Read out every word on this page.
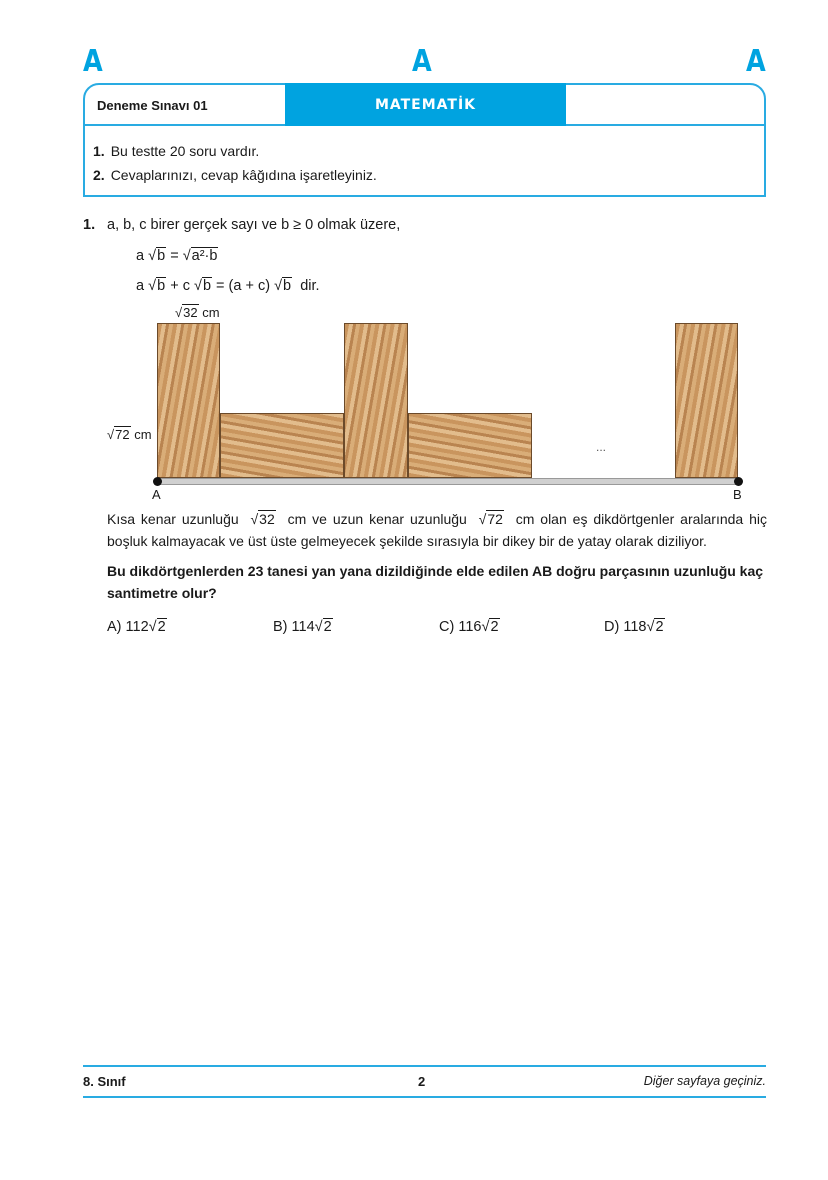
A	A	A
Deneme Sınavı 01	MATEMATİK
1. Bu testte 20 soru vardır.
2. Cevaplarınızı, cevap kâğıdına işaretleyiniz.
1. a, b, c birer gerçek sayı ve b ≥ 0 olmak üzere,
a √b = √a²·b
a √b + c √b = (a + c) √b dir.
√32 cm
√72 cm
...
A	B
Kısa kenar uzunluğu √32 cm ve uzun kenar uzunluğu √72 cm olan eş dikdörtgenler aralarında hiç boşluk kalmayacak ve üst üste gelmeyecek şekilde sırasıyla bir dikey bir de yatay olarak diziliyor.
Bu dikdörtgenlerden 23 tanesi yan yana dizildiğinde elde edilen AB doğru parçasının uzunluğu kaç santimetre olur?
A) 112√2	B) 114√2	C) 116√2	D) 118√2
8. Sınıf	2	Diğer sayfaya geçiniz.
